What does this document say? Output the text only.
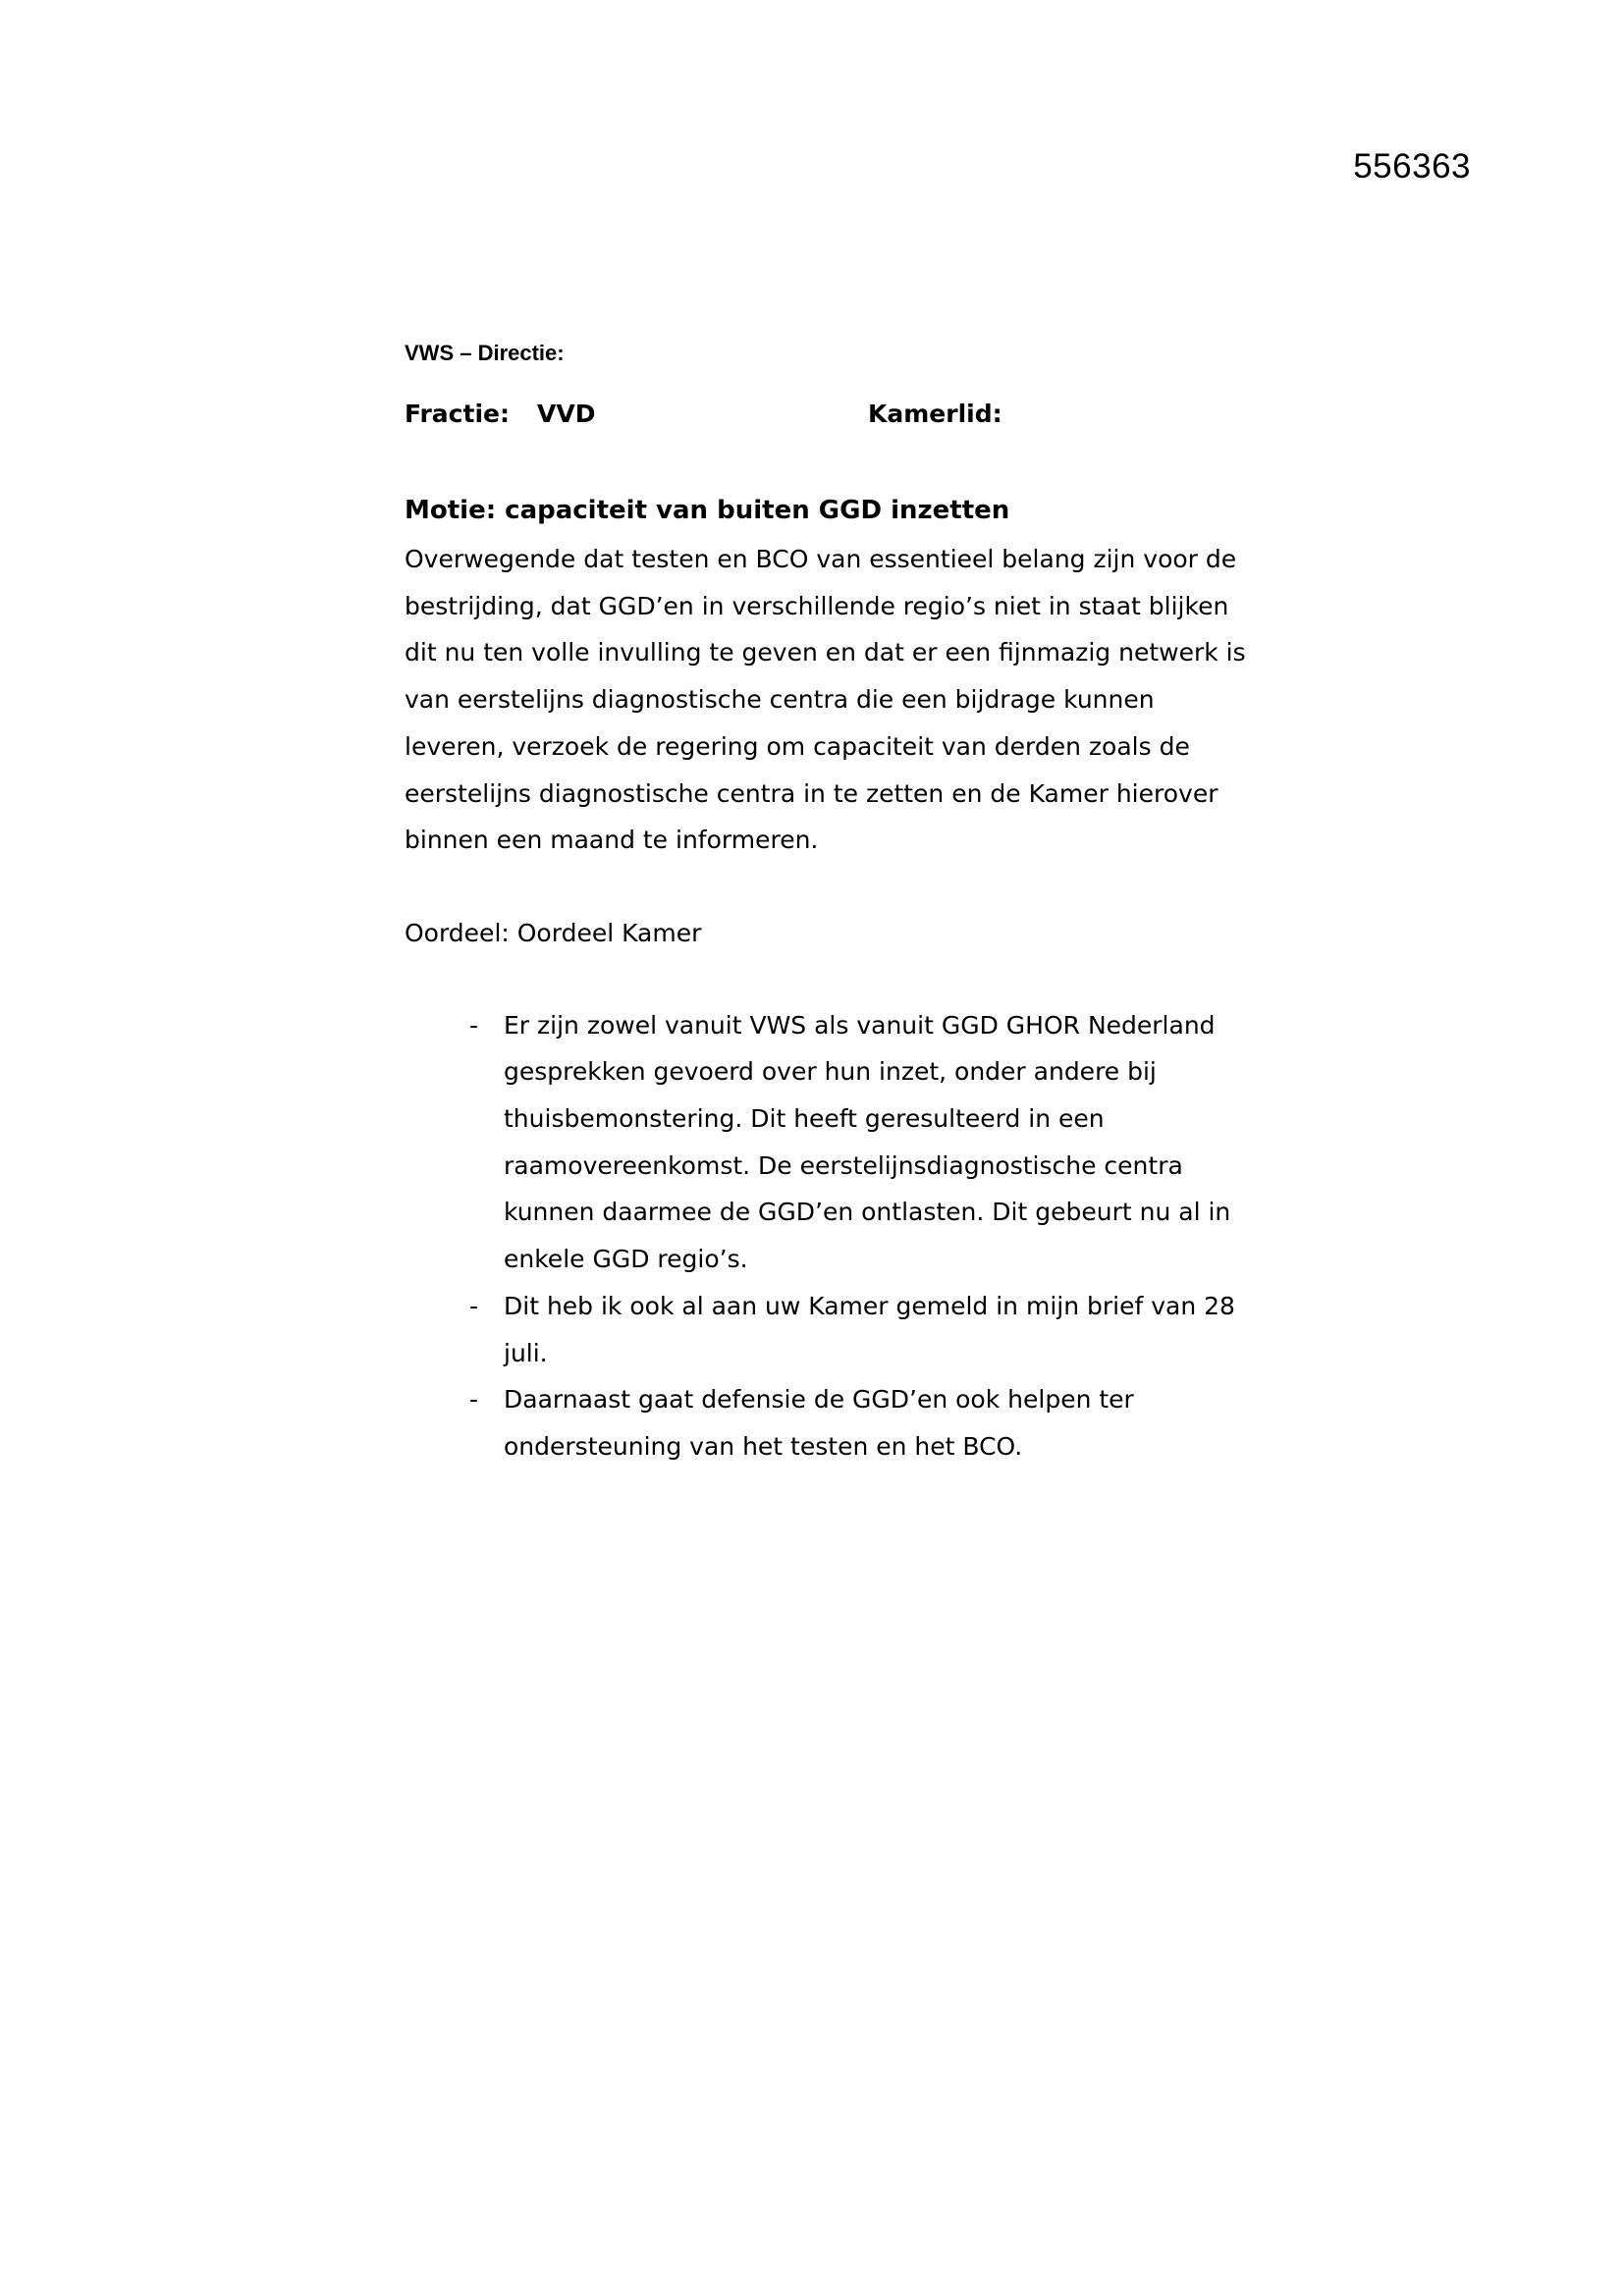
556363

VWS – Directie:

Fractie: VVD	Kamerlid:
Motie: capaciteit van buiten GGD inzetten

Overwegende dat testen en BCO van essentieel belang zijn voor de bestrijding, dat GGD’en in verschillende regio’s niet in staat blijken dit nu ten volle invulling te geven en dat er een fijnmazig netwerk is van eerstelijns diagnostische centra die een bijdrage kunnen leveren, verzoek de regering om capaciteit van derden zoals de eerstelijns diagnostische centra in te zetten en de Kamer hierover binnen een maand te informeren.

Oordeel: Oordeel Kamer

- Er zijn zowel vanuit VWS als vanuit GGD GHOR Nederland gesprekken gevoerd over hun inzet, onder andere bij thuisbemonstering. Dit heeft geresulteerd in een raamovereenkomst. De eerstelijnsdiagnostische centra kunnen daarmee de GGD’en ontlasten. Dit gebeurt nu al in enkele GGD regio’s.
- Dit heb ik ook al aan uw Kamer gemeld in mijn brief van 28 juli.
- Daarnaast gaat defensie de GGD’en ook helpen ter ondersteuning van het testen en het BCO.
